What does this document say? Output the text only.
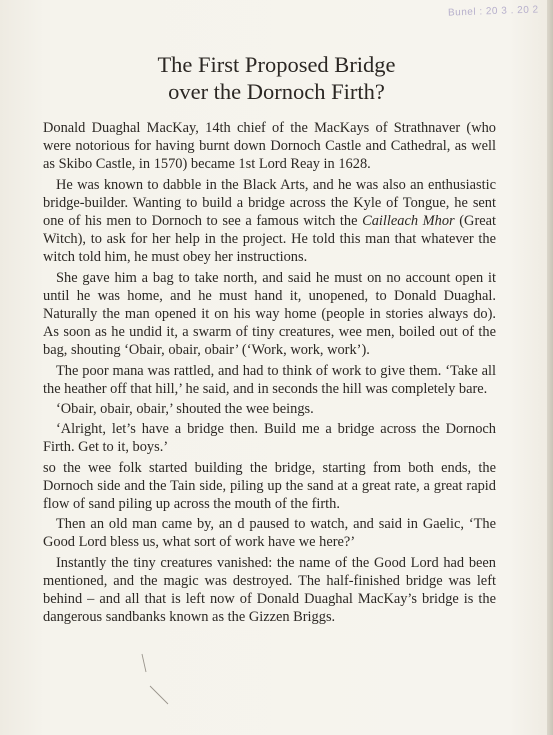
Bunel : 20 3 . 20 2
The First Proposed Bridge
over the Dornoch Firth?

Donald Duaghal MacKay, 14th chief of the MacKays of Strathnaver (who were notorious for having burnt down Dornoch Castle and Cathedral, as well as Skibo Castle, in 1570) became 1st Lord Reay in 1628.

He was known to dabble in the Black Arts, and he was also an enthusiastic bridge-builder. Wanting to build a bridge across the Kyle of Tongue, he sent one of his men to Dornoch to see a famous witch the Cailleach Mhor (Great Witch), to ask for her help in the project. He told this man that whatever the witch told him, he must obey her instructions.

She gave him a bag to take north, and said he must on no account open it until he was home, and he must hand it, unopened, to Donald Duaghal. Naturally the man opened it on his way home (people in stories always do). As soon as he undid it, a swarm of tiny creatures, wee men, boiled out of the bag, shouting ‘Obair, obair, obair’ (‘Work, work, work’).

The poor mana was rattled, and had to think of work to give them. ‘Take all the heather off that hill,’ he said, and in seconds the hill was completely bare.

‘Obair, obair, obair,’ shouted the wee beings.

‘Alright, let’s have a bridge then. Build me a bridge across the Dornoch Firth. Get to it, boys.’

so the wee folk started building the bridge, starting from both ends, the Dornoch side and the Tain side, piling up the sand at a great rate, a great rapid flow of sand piling up across the mouth of the firth.

Then an old man came by, an d paused to watch, and said in Gaelic, ‘The Good Lord bless us, what sort of work have we here?’

Instantly the tiny creatures vanished: the name of the Good Lord had been mentioned, and the magic was destroyed. The half-finished bridge was left behind – and all that is left now of Donald Duaghal MacKay’s bridge is the dangerous sandbanks known as the Gizzen Briggs.
